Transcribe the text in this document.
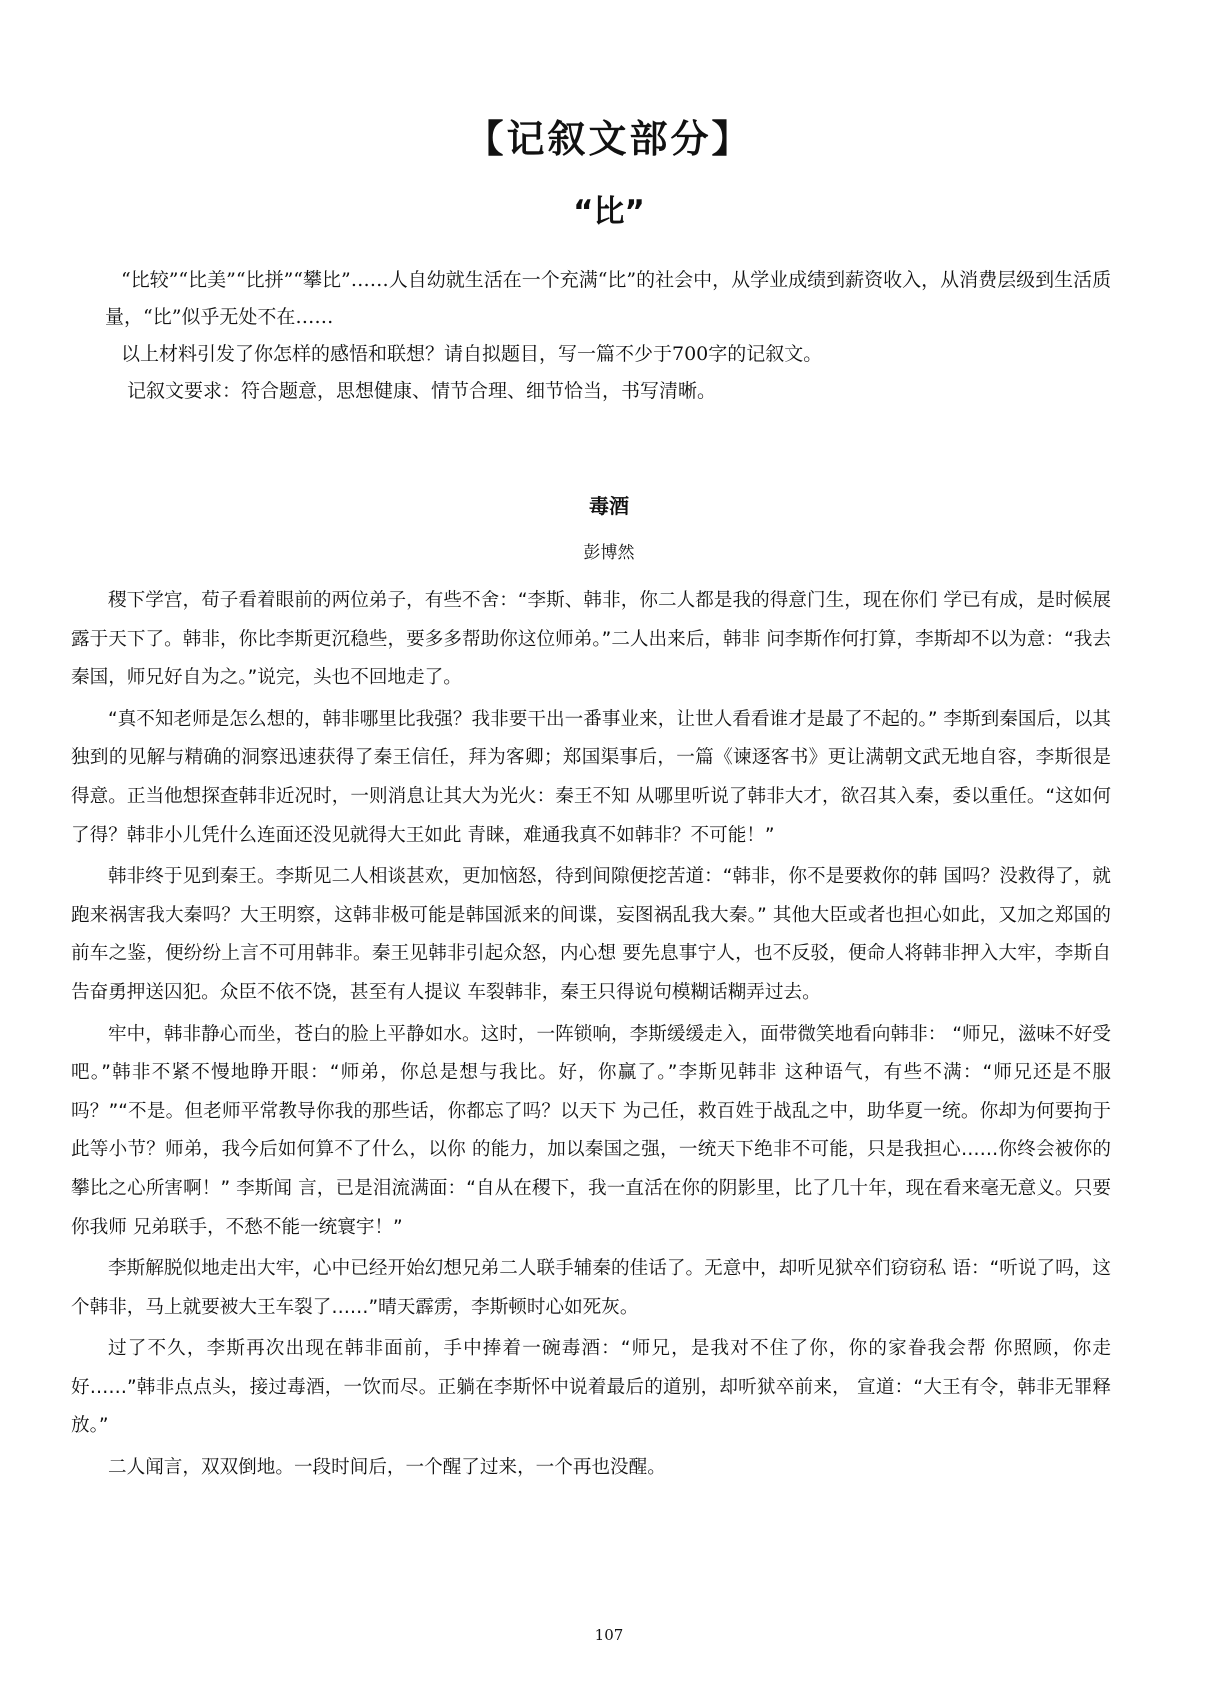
【记叙文部分】
“比”

“比较”“比美”“比拼”“攀比”……人自幼就生活在一个充满“比”的社会中，从学业成绩到薪资收入，从消费层级到生活质量，“比”似乎无处不在……

以上材料引发了你怎样的感悟和联想？请自拟题目，写一篇不少于700字的记叙文。

记叙文要求：符合题意，思想健康、情节合理、细节恰当，书写清晰。

毒酒
彭博然

稷下学宫，荀子看着眼前的两位弟子，有些不舍：“李斯、韩非，你二人都是我的得意门生，现在你们 学已有成，是时候展露于天下了。韩非，你比李斯更沉稳些，要多多帮助你这位师弟。”二人出来后，韩非 问李斯作何打算，李斯却不以为意：“我去秦国，师兄好自为之。”说完，头也不回地走了。

“真不知老师是怎么想的，韩非哪里比我强？我非要干出一番事业来，让世人看看谁才是最了不起的。” 李斯到秦国后，以其独到的见解与精确的洞察迅速获得了秦王信任，拜为客卿；郑国渠事后，一篇《谏逐客书》更让满朝文武无地自容，李斯很是得意。正当他想探查韩非近况时，一则消息让其大为光火：秦王不知 从哪里听说了韩非大才，欲召其入秦，委以重任。“这如何了得？韩非小儿凭什么连面还没见就得大王如此 青睐，难通我真不如韩非？不可能！”

韩非终于见到秦王。李斯见二人相谈甚欢，更加恼怒，待到间隙便挖苦道：“韩非，你不是要救你的韩 国吗？没救得了，就跑来祸害我大秦吗？大王明察，这韩非极可能是韩国派来的间谍，妄图祸乱我大秦。” 其他大臣或者也担心如此，又加之郑国的前车之鉴，便纷纷上言不可用韩非。秦王见韩非引起众怒，内心想 要先息事宁人，也不反驳，便命人将韩非押入大牢，李斯自告奋勇押送囚犯。众臣不依不饶，甚至有人提议 车裂韩非，秦王只得说句模糊话糊弄过去。

牢中，韩非静心而坐，苍白的脸上平静如水。这时，一阵锁响，李斯缓缓走入，面带微笑地看向韩非： “师兄，滋味不好受吧。”韩非不紧不慢地睁开眼：“师弟，你总是想与我比。好，你赢了。”李斯见韩非 这种语气，有些不满：“师兄还是不服吗？”“不是。但老师平常教导你我的那些话，你都忘了吗？以天下 为己任，救百姓于战乱之中，助华夏一统。你却为何要拘于此等小节？师弟，我今后如何算不了什么，以你 的能力，加以秦国之强，一统天下绝非不可能，只是我担心……你终会被你的攀比之心所害啊！” 李斯闻 言，已是泪流满面：“自从在稷下，我一直活在你的阴影里，比了几十年，现在看来毫无意义。只要你我师 兄弟联手，不愁不能一统寰宇！”

李斯解脱似地走出大牢，心中已经开始幻想兄弟二人联手辅秦的佳话了。无意中，却听见狱卒们窃窃私 语：“听说了吗，这个韩非，马上就要被大王车裂了……”晴天霹雳，李斯顿时心如死灰。

过了不久，李斯再次出现在韩非面前，手中捧着一碗毒酒：“师兄，是我对不住了你，你的家眷我会帮 你照顾，你走好……”韩非点点头，接过毒酒，一饮而尽。正躺在李斯怀中说着最后的道别，却听狱卒前来， 宣道：“大王有令，韩非无罪释放。”

二人闻言，双双倒地。一段时间后，一个醒了过来，一个再也没醒。

107
